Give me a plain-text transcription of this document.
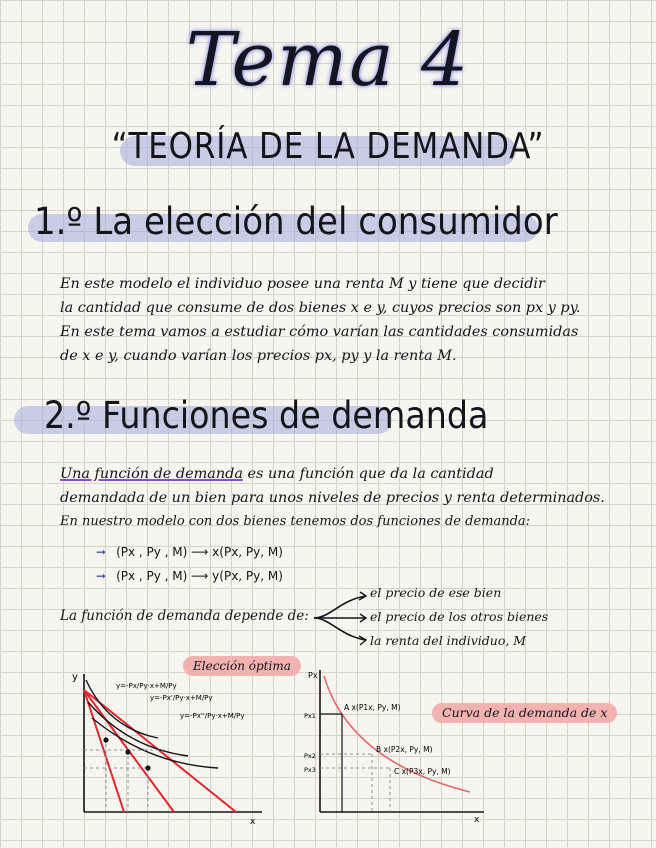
Tema 4
“TEORÍA DE LA DEMANDA”
1.º La elección del consumidor

En este modelo el individuo posee una renta M y tiene que decidir

la cantidad que consume de dos bienes x e y, cuyos precios son px y py.

En este tema vamos a estudiar cómo varían las cantidades consumidas

de x e y, cuando varían los precios px, py y la renta M.

2.º Funciones de demanda

Una función de demanda es una función que da la cantidad

demandada de un bien para unos niveles de precios y renta determinados.

En nuestro modelo con dos bienes tenemos dos funciones de demanda:

➞ (Px , Py , M) ⟶ x(Px, Py, M)
➞ (Px , Py , M) ⟶ y(Px, Py, M)
La función de demanda depende de:
el precio de ese bien
el precio de los otros bienes
la renta del individuo, M
Elección óptima
y
x
y=-Px/Py·x+M/Py
y=-Px'/Py·x+M/Py
y=-Px''/Py·x+M/Py	Curva de la demanda de x
Px
x
Px1
Px2
Px3
A x(P1x, Py, M)
B x(P2x, Py, M)
C x(P3x, Py, M)
